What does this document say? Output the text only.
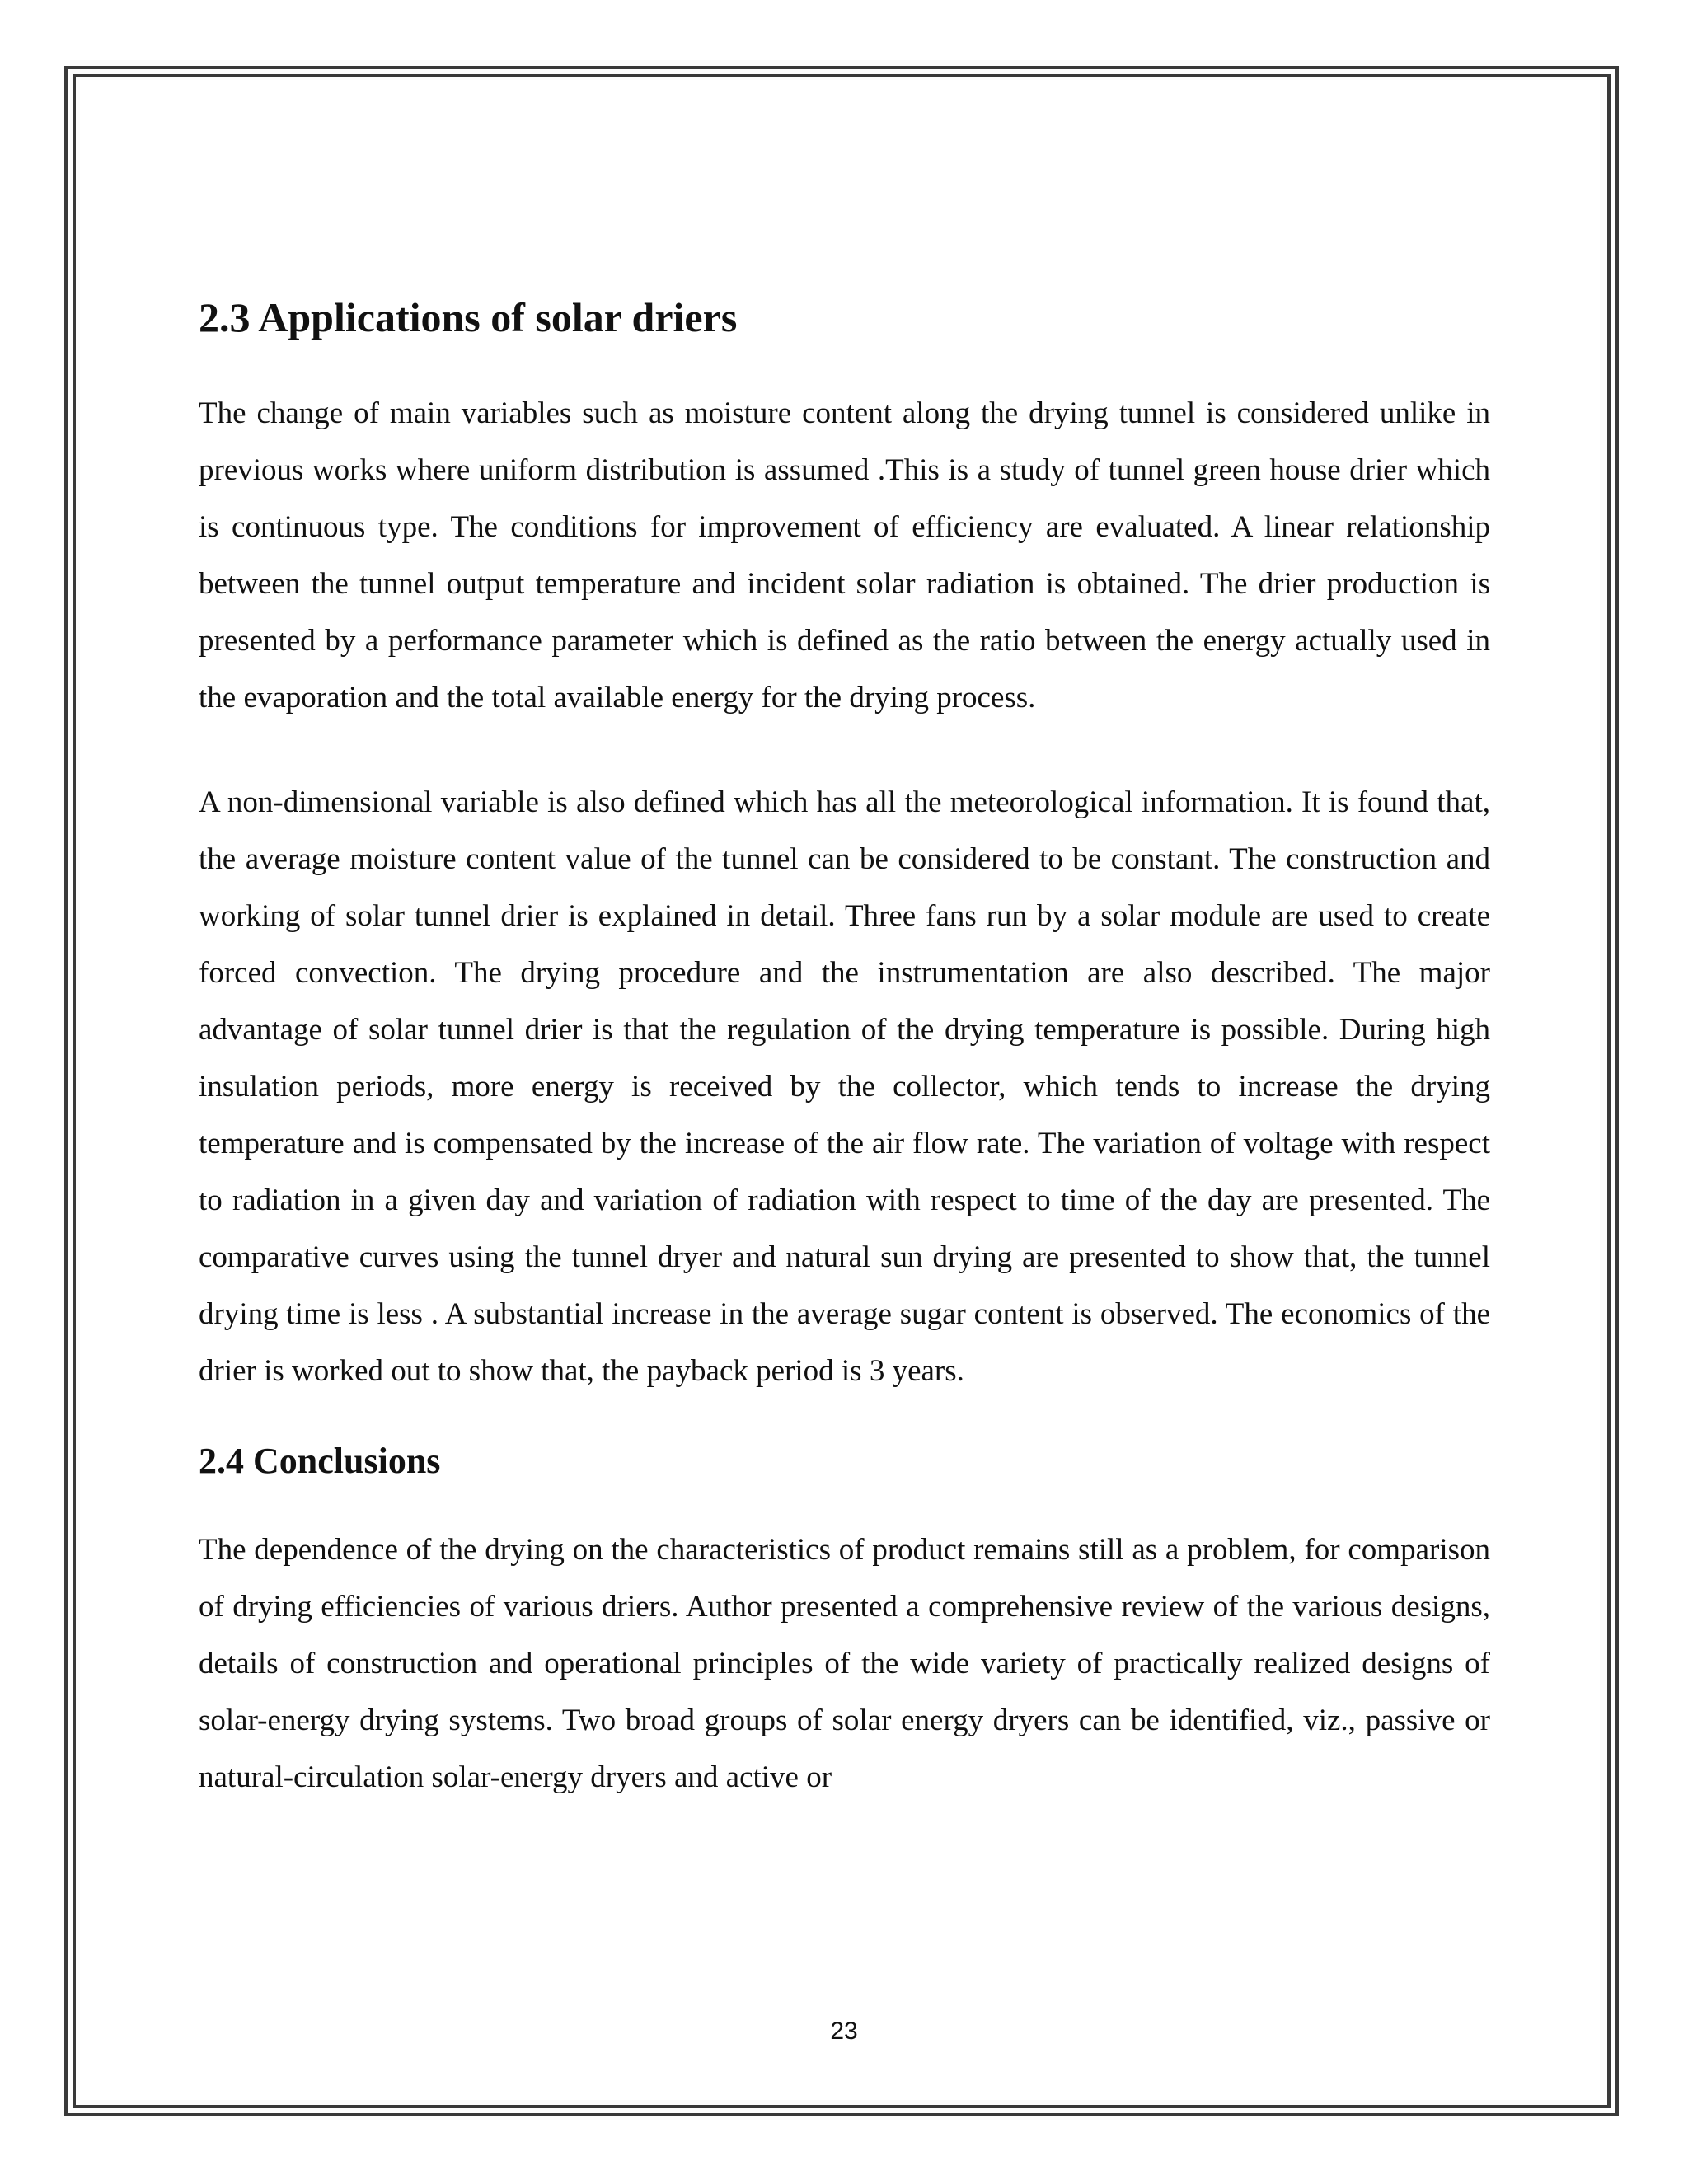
2.3 Applications of solar driers

The change of main variables such as moisture content along the drying tunnel is considered unlike in previous works where uniform distribution is assumed .This is a study of tunnel green house drier which is continuous type. The conditions for improvement of efficiency are evaluated. A linear relationship between the tunnel output temperature and incident solar radiation is obtained. The drier production is presented by a performance parameter which is defined as the ratio between the energy actually used in the evaporation and the total available energy for the drying process.

A non-dimensional variable is also defined which has all the meteorological information. It is found that, the average moisture content value of the tunnel can be considered to be constant. The construction and working of solar tunnel drier is explained in detail. Three fans run by a solar module are used to create forced convection. The drying procedure and the instrumentation are also described. The major advantage of solar tunnel drier is that the regulation of the drying temperature is possible. During high insulation periods, more energy is received by the collector, which tends to increase the drying temperature and is compensated by the increase of the air flow rate. The variation of voltage with respect to radiation in a given day and variation of radiation with respect to time of the day are presented. The comparative curves using the tunnel dryer and natural sun drying are presented to show that, the tunnel drying time is less . A substantial increase in the average sugar content is observed. The economics of the drier is worked out to show that, the payback period is 3 years.

2.4 Conclusions

The dependence of the drying on the characteristics of product remains still as a problem, for comparison of drying efficiencies of various driers. Author presented a comprehensive review of the various designs, details of construction and operational principles of the wide variety of practically realized designs of solar-energy drying systems. Two broad groups of solar energy dryers can be identified, viz., passive or natural-circulation solar-energy dryers and active or

23
